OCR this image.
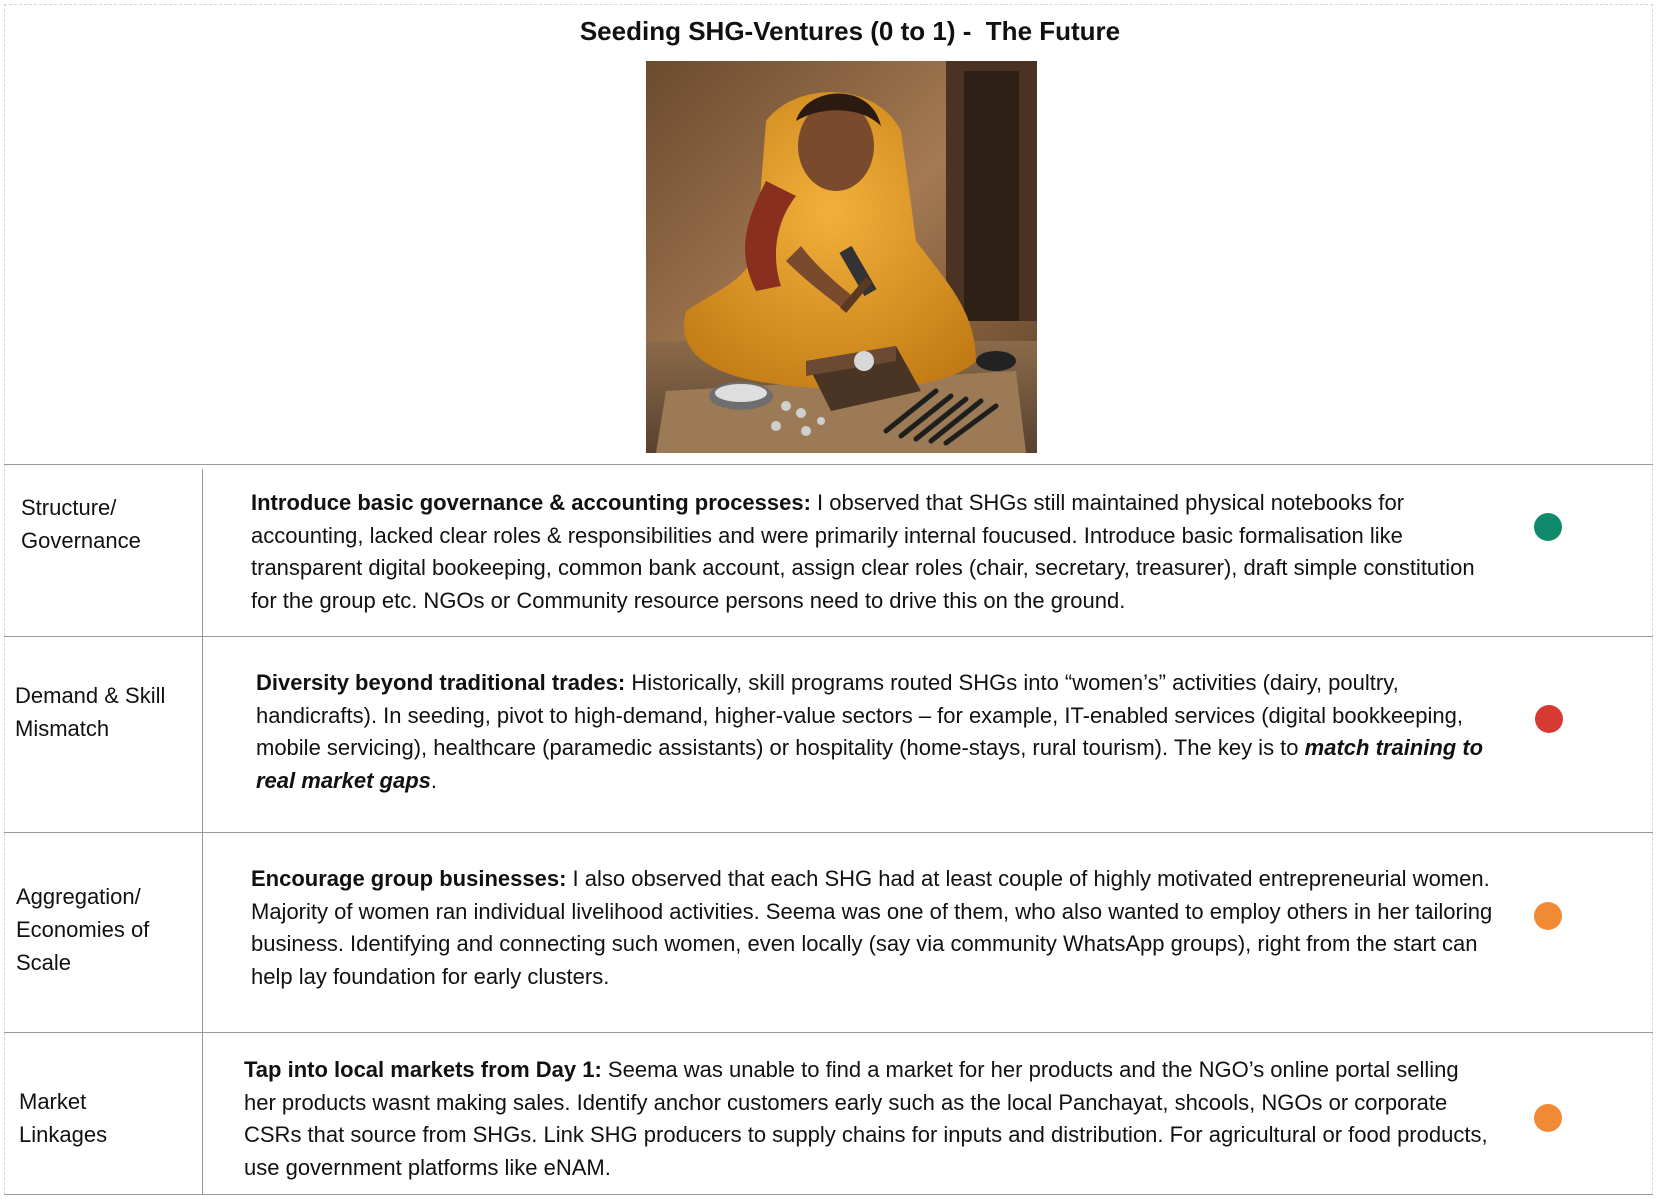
Seeding SHG-Ventures (0 to 1) -  The Future
Structure/
Governance
Introduce basic governance & accounting processes: I observed that SHGs still maintained physical notebooks for accounting, lacked clear roles & responsibilities and were primarily internal foucused. Introduce basic formalisation like transparent digital bookeeping, common bank account, assign clear roles (chair, secretary, treasurer), draft simple constitution for the group etc. NGOs or Community resource persons need to drive this on the ground.
Demand & Skill
Mismatch
Diversity beyond traditional trades: Historically, skill programs routed SHGs into “women’s” activities (dairy, poultry, handicrafts). In seeding, pivot to high-demand, higher-value sectors – for example, IT-enabled services (digital bookkeeping, mobile servicing), healthcare (paramedic assistants) or hospitality (home-stays, rural tourism). The key is to match training to real market gaps.
Aggregation/
Economies of
Scale
Encourage group businesses: I also observed that each SHG had at least couple of highly motivated entrepreneurial women. Majority of women ran individual livelihood activities. Seema was one of them, who also wanted to employ others in her tailoring business. Identifying and connecting such women, even locally (say via community WhatsApp groups), right from the start can help lay foundation for early clusters.
Market
Linkages
Tap into local markets from Day 1: Seema was unable to find a market for her products and the NGO’s online portal selling her products wasnt making sales. Identify anchor customers early such as the local Panchayat, shcools, NGOs or corporate CSRs that source from SHGs. Link SHG producers to supply chains for inputs and distribution. For agricultural or food products, use government platforms like eNAM.
